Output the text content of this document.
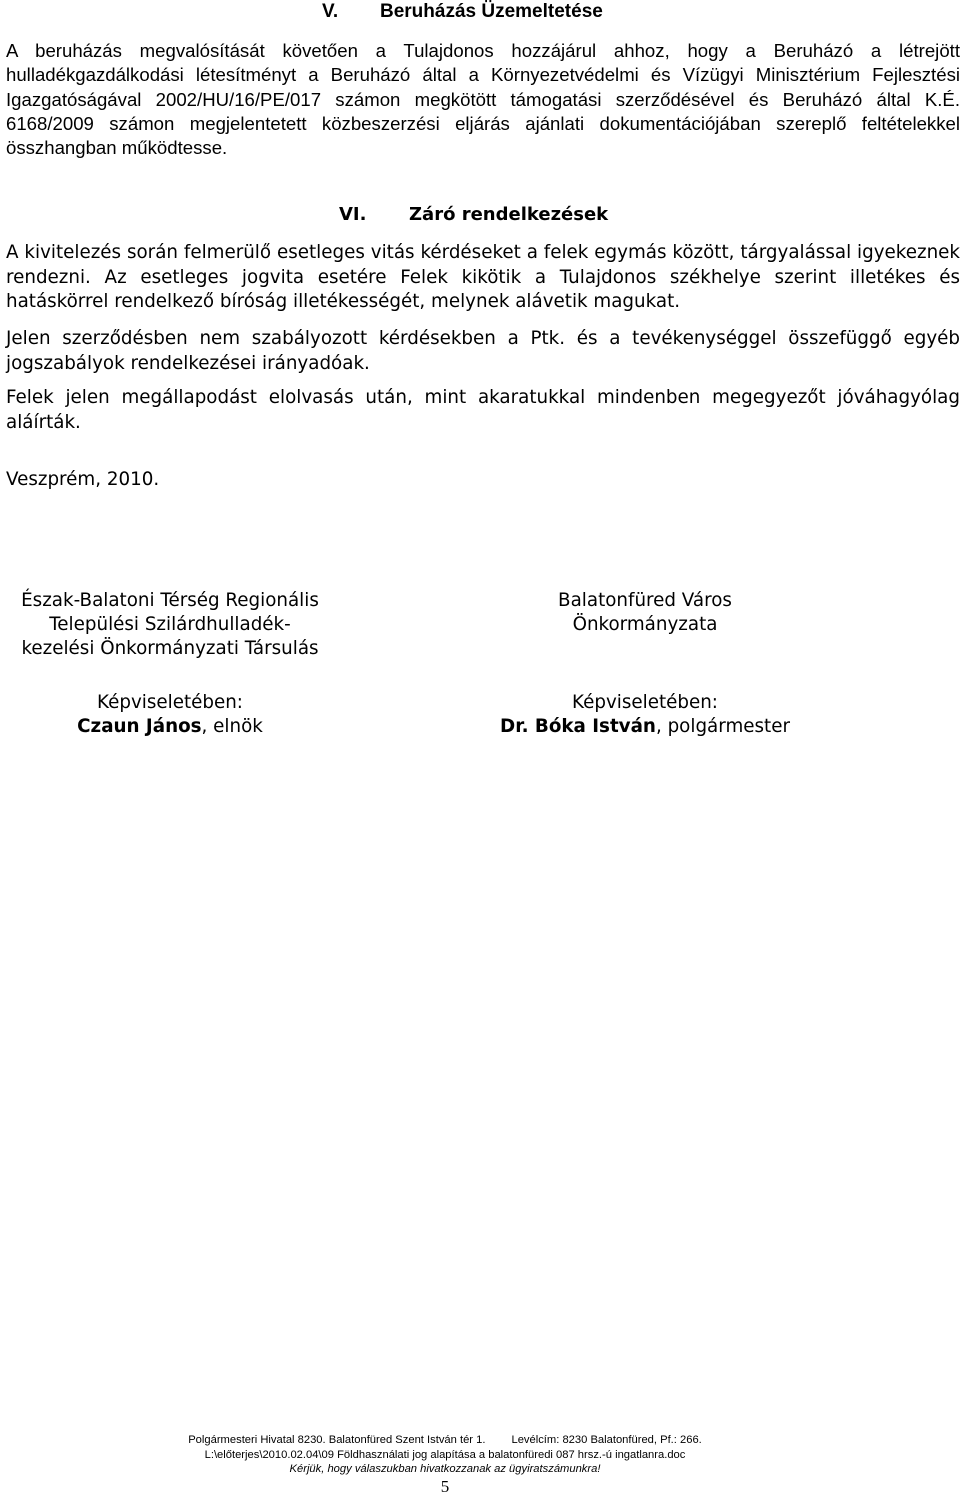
V. Beruházás Üzemeltetése

A beruházás megvalósítását követően a Tulajdonos hozzájárul ahhoz, hogy a Beruházó a létrejött hulladékgazdálkodási létesítményt a Beruházó által a Környezetvédelmi és Vízügyi Minisztérium Fejlesztési Igazgatóságával 2002/HU/16/PE/017 számon megkötött támogatási szerződésével és Beruházó által K.É. 6168/2009 számon megjelentetett közbeszerzési eljárás ajánlati dokumentációjában szereplő feltételekkel összhangban működtesse.

VI. Záró rendelkezések

A kivitelezés során felmerülő esetleges vitás kérdéseket a felek egymás között, tárgyalással igyekeznek rendezni. Az esetleges jogvita esetére Felek kikötik a Tulajdonos székhelye szerint illetékes és hatáskörrel rendelkező bíróság illetékességét, melynek alávetik magukat.

Jelen szerződésben nem szabályozott kérdésekben a Ptk. és a tevékenységgel összefüggő egyéb jogszabályok rendelkezései irányadóak.

Felek jelen megállapodást elolvasás után, mint akaratukkal mindenben megegyezőt jóváhagyólag aláírták.

Veszprém, 2010.
Észak-Balatoni Térség Regionális
Települési Szilárdhulladék-
kezelési Önkormányzati Társulás
Képviseletében:
Czaun János, elnök
Balatonfüred Város
Önkormányzata
Képviseletében:
Dr. Bóka István, polgármester
Polgármesteri Hivatal 8230. Balatonfüred Szent István tér 1. Levélcím: 8230 Balatonfüred, Pf.: 266.
L:\előterjes\2010.02.04\09 Földhasználati jog alapítása a balatonfüredi 087 hrsz.-ú ingatlanra.doc
Kérjük, hogy válaszukban hivatkozzanak az ügyiratszámunkra!
5
